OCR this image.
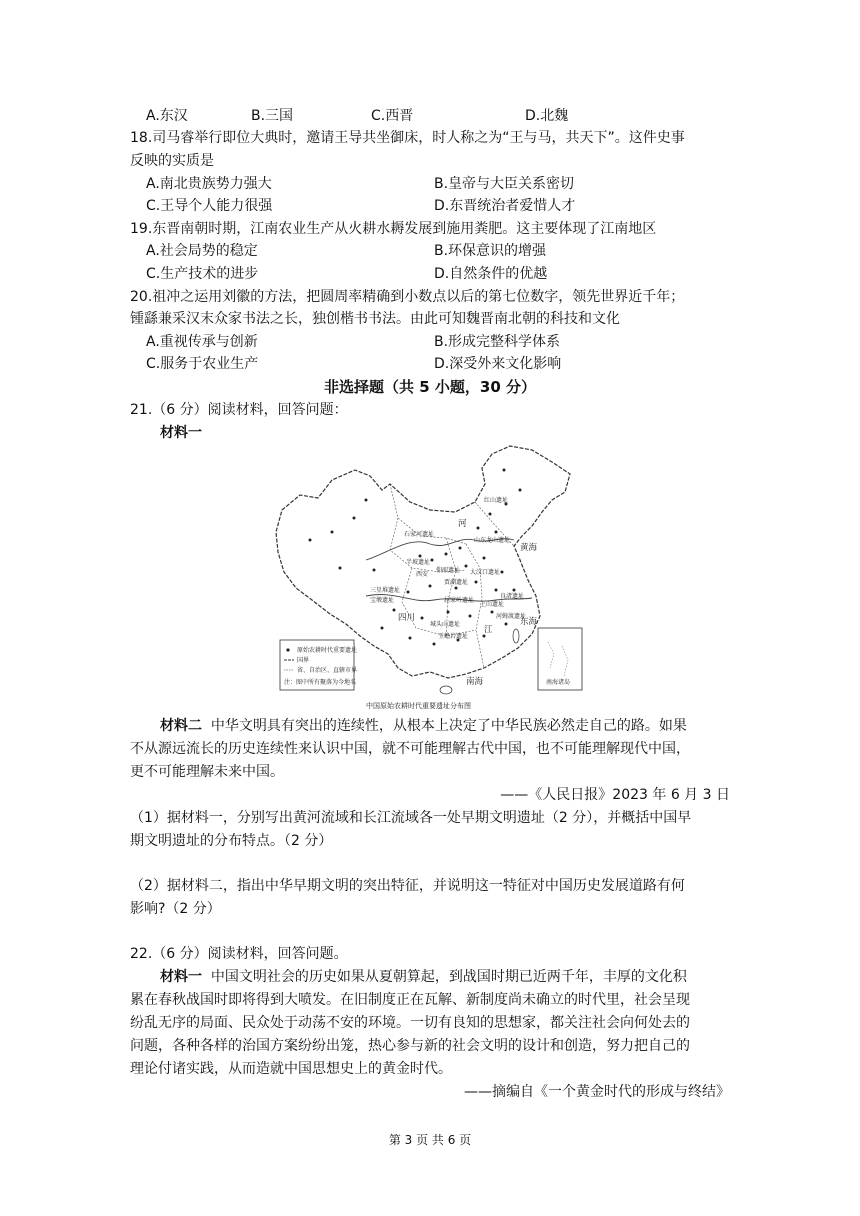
A.东汉	B.三国	C.西晋	D.北魏
18.司马睿举行即位大典时，邀请王导共坐御床，时人称之为“王与马，共天下”。这件史事
反映的实质是
A.南北贵族势力强大	B.皇帝与大臣关系密切
C.王导个人能力很强	D.东晋统治者爱惜人才
19.东晋南朝时期，江南农业生产从火耕水耨发展到施用粪肥。这主要体现了江南地区
A.社会局势的稳定	B.环保意识的增强
C.生产技术的进步	D.自然条件的优越
20.祖冲之运用刘徽的方法，把圆周率精确到小数点以后的第七位数字，领先世界近千年；
锺繇兼采汉末众家书法之长，独创楷书书法。由此可知魏晋南北朝的科技和文化
A.重视传承与创新	B.形成完整科学体系
C.服务于农业生产	D.深受外来文化影响
非选择题（共 5 小题，30 分）
21.（6 分）阅读材料，回答问题：
材料一
原始农耕时代重要遗址
国界
省、自治区、直辖市界
注：图中所有聚落为今地名
红山遗址
石家河遗址
山东龙山遗址
半坡遗址
大汶口遗址
仰韶遗址
贾湖遗址
良渚遗址
河姆渡遗址
三星堆遗址
宝墩遗址	屈家岭遗址
城头山遗址
上山遗址
玉蟾岩遗址
西安
四川
黄海
东海
南海
江
河
南海诸岛
中国原始农耕时代重要遗址分布图
材料二 中华文明具有突出的连续性，从根本上决定了中华民族必然走自己的路。如果
不从源远流长的历史连续性来认识中国，就不可能理解古代中国，也不可能理解现代中国，
更不可能理解未来中国。
——《人民日报》2023 年 6 月 3 日
（1）据材料一，分别写出黄河流域和长江流域各一处早期文明遗址（2 分），并概括中国早
期文明遗址的分布特点。（2 分）
（2）据材料二，指出中华早期文明的突出特征，并说明这一特征对中国历史发展道路有何
影响?（2 分）
22.（6 分）阅读材料，回答问题。
材料一 中国文明社会的历史如果从夏朝算起，到战国时期已近两千年，丰厚的文化积
累在春秋战国时即将得到大喷发。在旧制度正在瓦解、新制度尚未确立的时代里，社会呈现
纷乱无序的局面、民众处于动荡不安的环境。一切有良知的思想家，都关注社会向何处去的
问题，各种各样的治国方案纷纷出笼，热心参与新的社会文明的设计和创造，努力把自己的
理论付诸实践，从而造就中国思想史上的黄金时代。
——摘编自《一个黄金时代的形成与终结》
第 3 页 共 6 页
